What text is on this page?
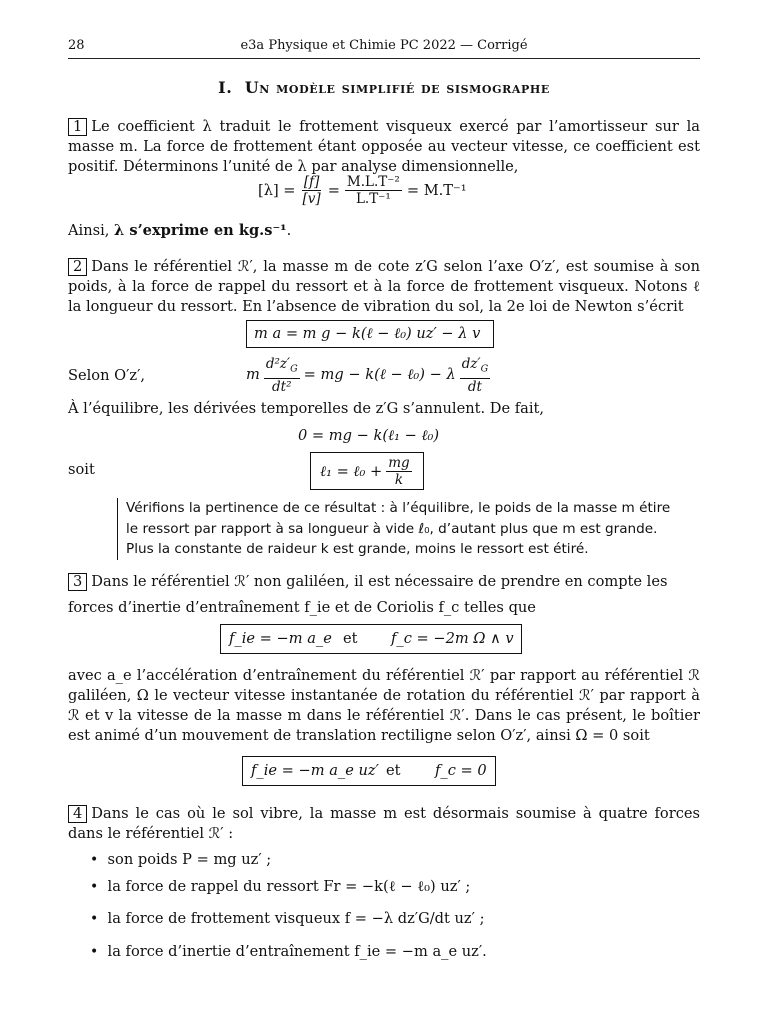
28	e3a Physique et Chimie PC 2022 — Corrigé
I. Un modèle simplifié de sismographe
1 Le coefficient λ traduit le frottement visqueux exercé par l’amortisseur sur la masse m. La force de frottement étant opposée au vecteur vitesse, ce coefficient est positif. Déterminons l’unité de λ par analyse dimensionnelle,
$[\lambda] = \frac{[f]}{[v]} = \frac{\text{M.L.T⁻²}}{\text{L.T⁻¹}} = M.T^{-1}$
Ainsi, λ s’exprime en kg.s⁻¹.
2 Dans le référentiel ℛ′, la masse m de cote z′G selon l’axe O′z′, est soumise à son poids, à la force de rappel du ressort et à la force de frottement visqueux. Notons ℓ la longueur du ressort. En l’absence de vibration du sol, la 2e loi de Newton s’écrit
m a = m g − k(ℓ − ℓ₀) uz′ − λ v
Selon O′z′,	m $\frac{d^2z'_G}{\text{dt²}}$ = mg − k(ℓ − ℓ₀) − λ $\frac{dz'_G}{dt}$
À l’équilibre, les dérivées temporelles de z′G s’annulent. De fait,
0 = mg − k(ℓ₁ − ℓ₀)
soit	ℓ₁ = ℓ₀ + $\frac{mg}{k}$
Vérifions la pertinence de ce résultat : à l’équilibre, le poids de la masse m étire le ressort par rapport à sa longueur à vide ℓ₀, d’autant plus que m est grande. Plus la constante de raideur k est grande, moins le ressort est étiré.
3 Dans le référentiel ℛ′ non galiléen, il est nécessaire de prendre en compte les
forces d’inertie d’entraînement f_ie et de Coriolis f_c telles que
f_ie = −m a_e et f_c = −2m Ω ∧ v
avec a_e l’accélération d’entraînement du référentiel ℛ′ par rapport au référentiel ℛ galiléen, Ω le vecteur vitesse instantanée de rotation du référentiel ℛ′ par rapport à ℛ et v la vitesse de la masse m dans le référentiel ℛ′. Dans le cas présent, le boîtier est animé d’un mouvement de translation rectiligne selon O′z′, ainsi Ω = 0 soit
f_ie = −m a_e uz′ et f_c = 0
4 Dans le cas où le sol vibre, la masse m est désormais soumise à quatre forces dans le référentiel ℛ′ :
• son poids P = mg uz′ ;
• la force de rappel du ressort Fr = −k(ℓ − ℓ₀) uz′ ;
• la force de frottement visqueux f = −λ dz′G/dt uz′ ;
• la force d’inertie d’entraînement f_ie = −m a_e uz′.
